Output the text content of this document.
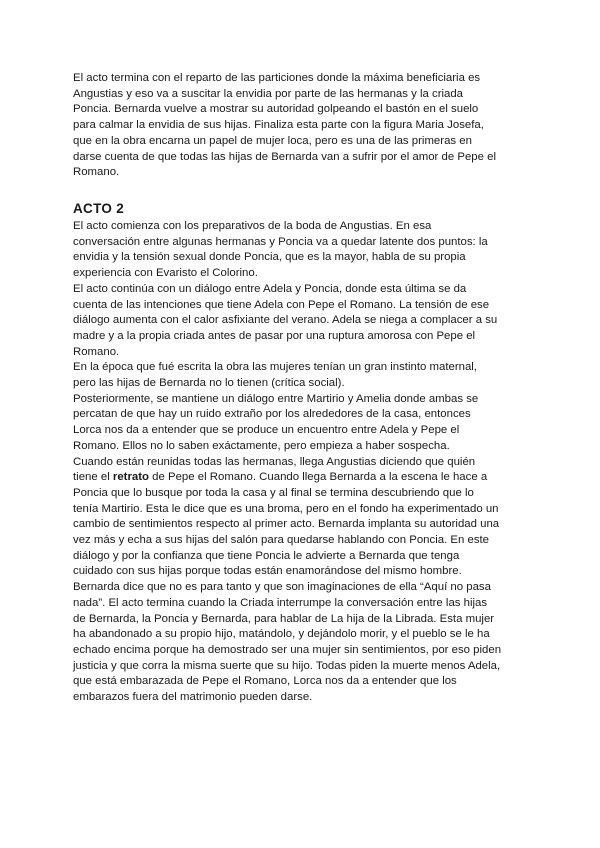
El acto termina con el reparto de las particiones donde la máxima beneficiaria es
Angustias y eso va a suscitar la envidia por parte de las hermanas y la criada
Poncia. Bernarda vuelve a mostrar su autoridad golpeando el bastón en el suelo
para calmar la envidia de sus hijas. Finaliza esta parte con la figura Maria Josefa,
que en la obra encarna un papel de mujer loca, pero es una de las primeras en
darse cuenta de que todas las hijas de Bernarda van a sufrir por el amor de Pepe el
Romano.
ACTO 2
El acto comienza con los preparativos de la boda de Angustias. En esa
conversación entre algunas hermanas y Poncia va a quedar latente dos puntos: la
envidia y la tensión sexual donde Poncia, que es la mayor, habla de su propia
experiencia con Evaristo el Colorino.
El acto continúa con un diálogo entre Adela y Poncia, donde esta última se da
cuenta de las intenciones que tiene Adela con Pepe el Romano. La tensión de ese
diálogo aumenta con el calor asfixiante del verano. Adela se niega a complacer a su
madre y a la propia criada antes de pasar por una ruptura amorosa con Pepe el
Romano.
En la época que fué escrita la obra las mujeres tenían un gran instinto maternal,
pero las hijas de Bernarda no lo tienen (crítica social).
Posteriormente, se mantiene un diálogo entre Martirio y Amelia donde ambas se
percatan de que hay un ruido extraño por los alrededores de la casa, entonces
Lorca nos da a entender que se produce un encuentro entre Adela y Pepe el
Romano. Ellos no lo saben exáctamente, pero empieza a haber sospecha.
Cuando están reunidas todas las hermanas, llega Angustias diciendo que quién
tiene el retrato de Pepe el Romano. Cuando llega Bernarda a la escena le hace a
Poncia que lo busque por toda la casa y al final se termina descubriendo que lo
tenía Martirio. Esta le dice que es una broma, pero en el fondo ha experimentado un
cambio de sentimientos respecto al primer acto. Bernarda implanta su autoridad una
vez más y echa a sus hijas del salón para quedarse hablando con Poncia. En este
diálogo y por la confianza que tiene Poncia le advierte a Bernarda que tenga
cuidado con sus hijas porque todas están enamorándose del mismo hombre.
Bernarda dice que no es para tanto y que son imaginaciones de ella “Aquí no pasa
nada”. El acto termina cuando la Criada interrumpe la conversación entre las hijas
de Bernarda, la Poncia y Bernarda, para hablar de La hija de la Librada. Esta mujer
ha abandonado a su propio hijo, matándolo, y dejándolo morir, y el pueblo se le ha
echado encima porque ha demostrado ser una mujer sin sentimientos, por eso piden
justicia y que corra la misma suerte que su hijo. Todas piden la muerte menos Adela,
que está embarazada de Pepe el Romano, Lorca nos da a entender que los
embarazos fuera del matrimonio pueden darse.
